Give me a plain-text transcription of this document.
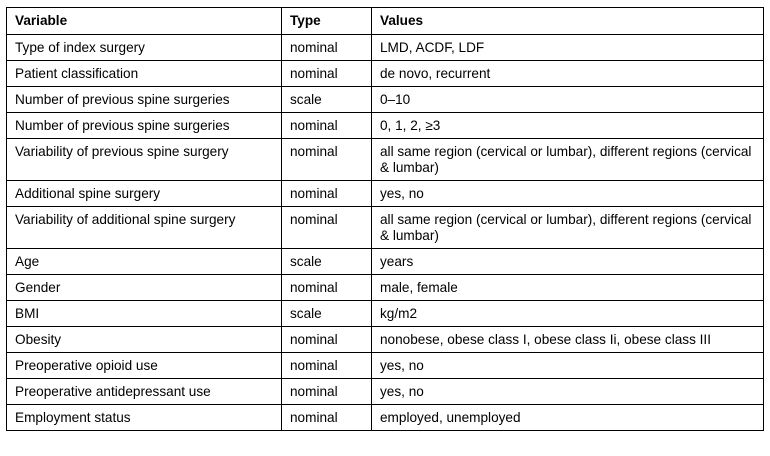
Variable	Type	Values
Type of index surgery	nominal	LMD, ACDF, LDF
Patient classification	nominal	de novo, recurrent
Number of previous spine surgeries	scale	0–10
Number of previous spine surgeries	nominal	0, 1, 2, ≥3
Variability of previous spine surgery	nominal	all same region (cervical or lumbar), different regions (cervical & lumbar)
Additional spine surgery	nominal	yes, no
Variability of additional spine surgery	nominal	all same region (cervical or lumbar), different regions (cervical & lumbar)
Age	scale	years
Gender	nominal	male, female
BMI	scale	kg/m2
Obesity	nominal	nonobese, obese class I, obese class Ii, obese class III
Preoperative opioid use	nominal	yes, no
Preoperative antidepressant use	nominal	yes, no
Employment status	nominal	employed, unemployed
